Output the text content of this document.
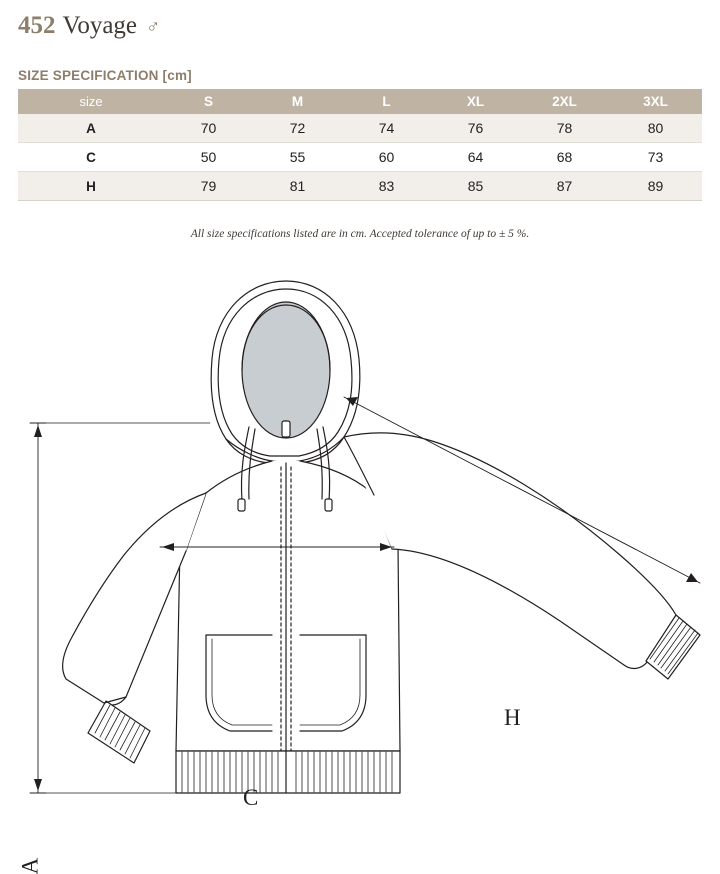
452 Voyage ♂
SIZE SPECIFICATION [cm]
size	S	M	L	XL	2XL	3XL
A	70	72	74	76	78	80
C	50	55	60	64	68	73
H	79	81	83	85	87	89
All size specifications listed are in cm. Accepted tolerance of up to ± 5 %.
A
C
H
